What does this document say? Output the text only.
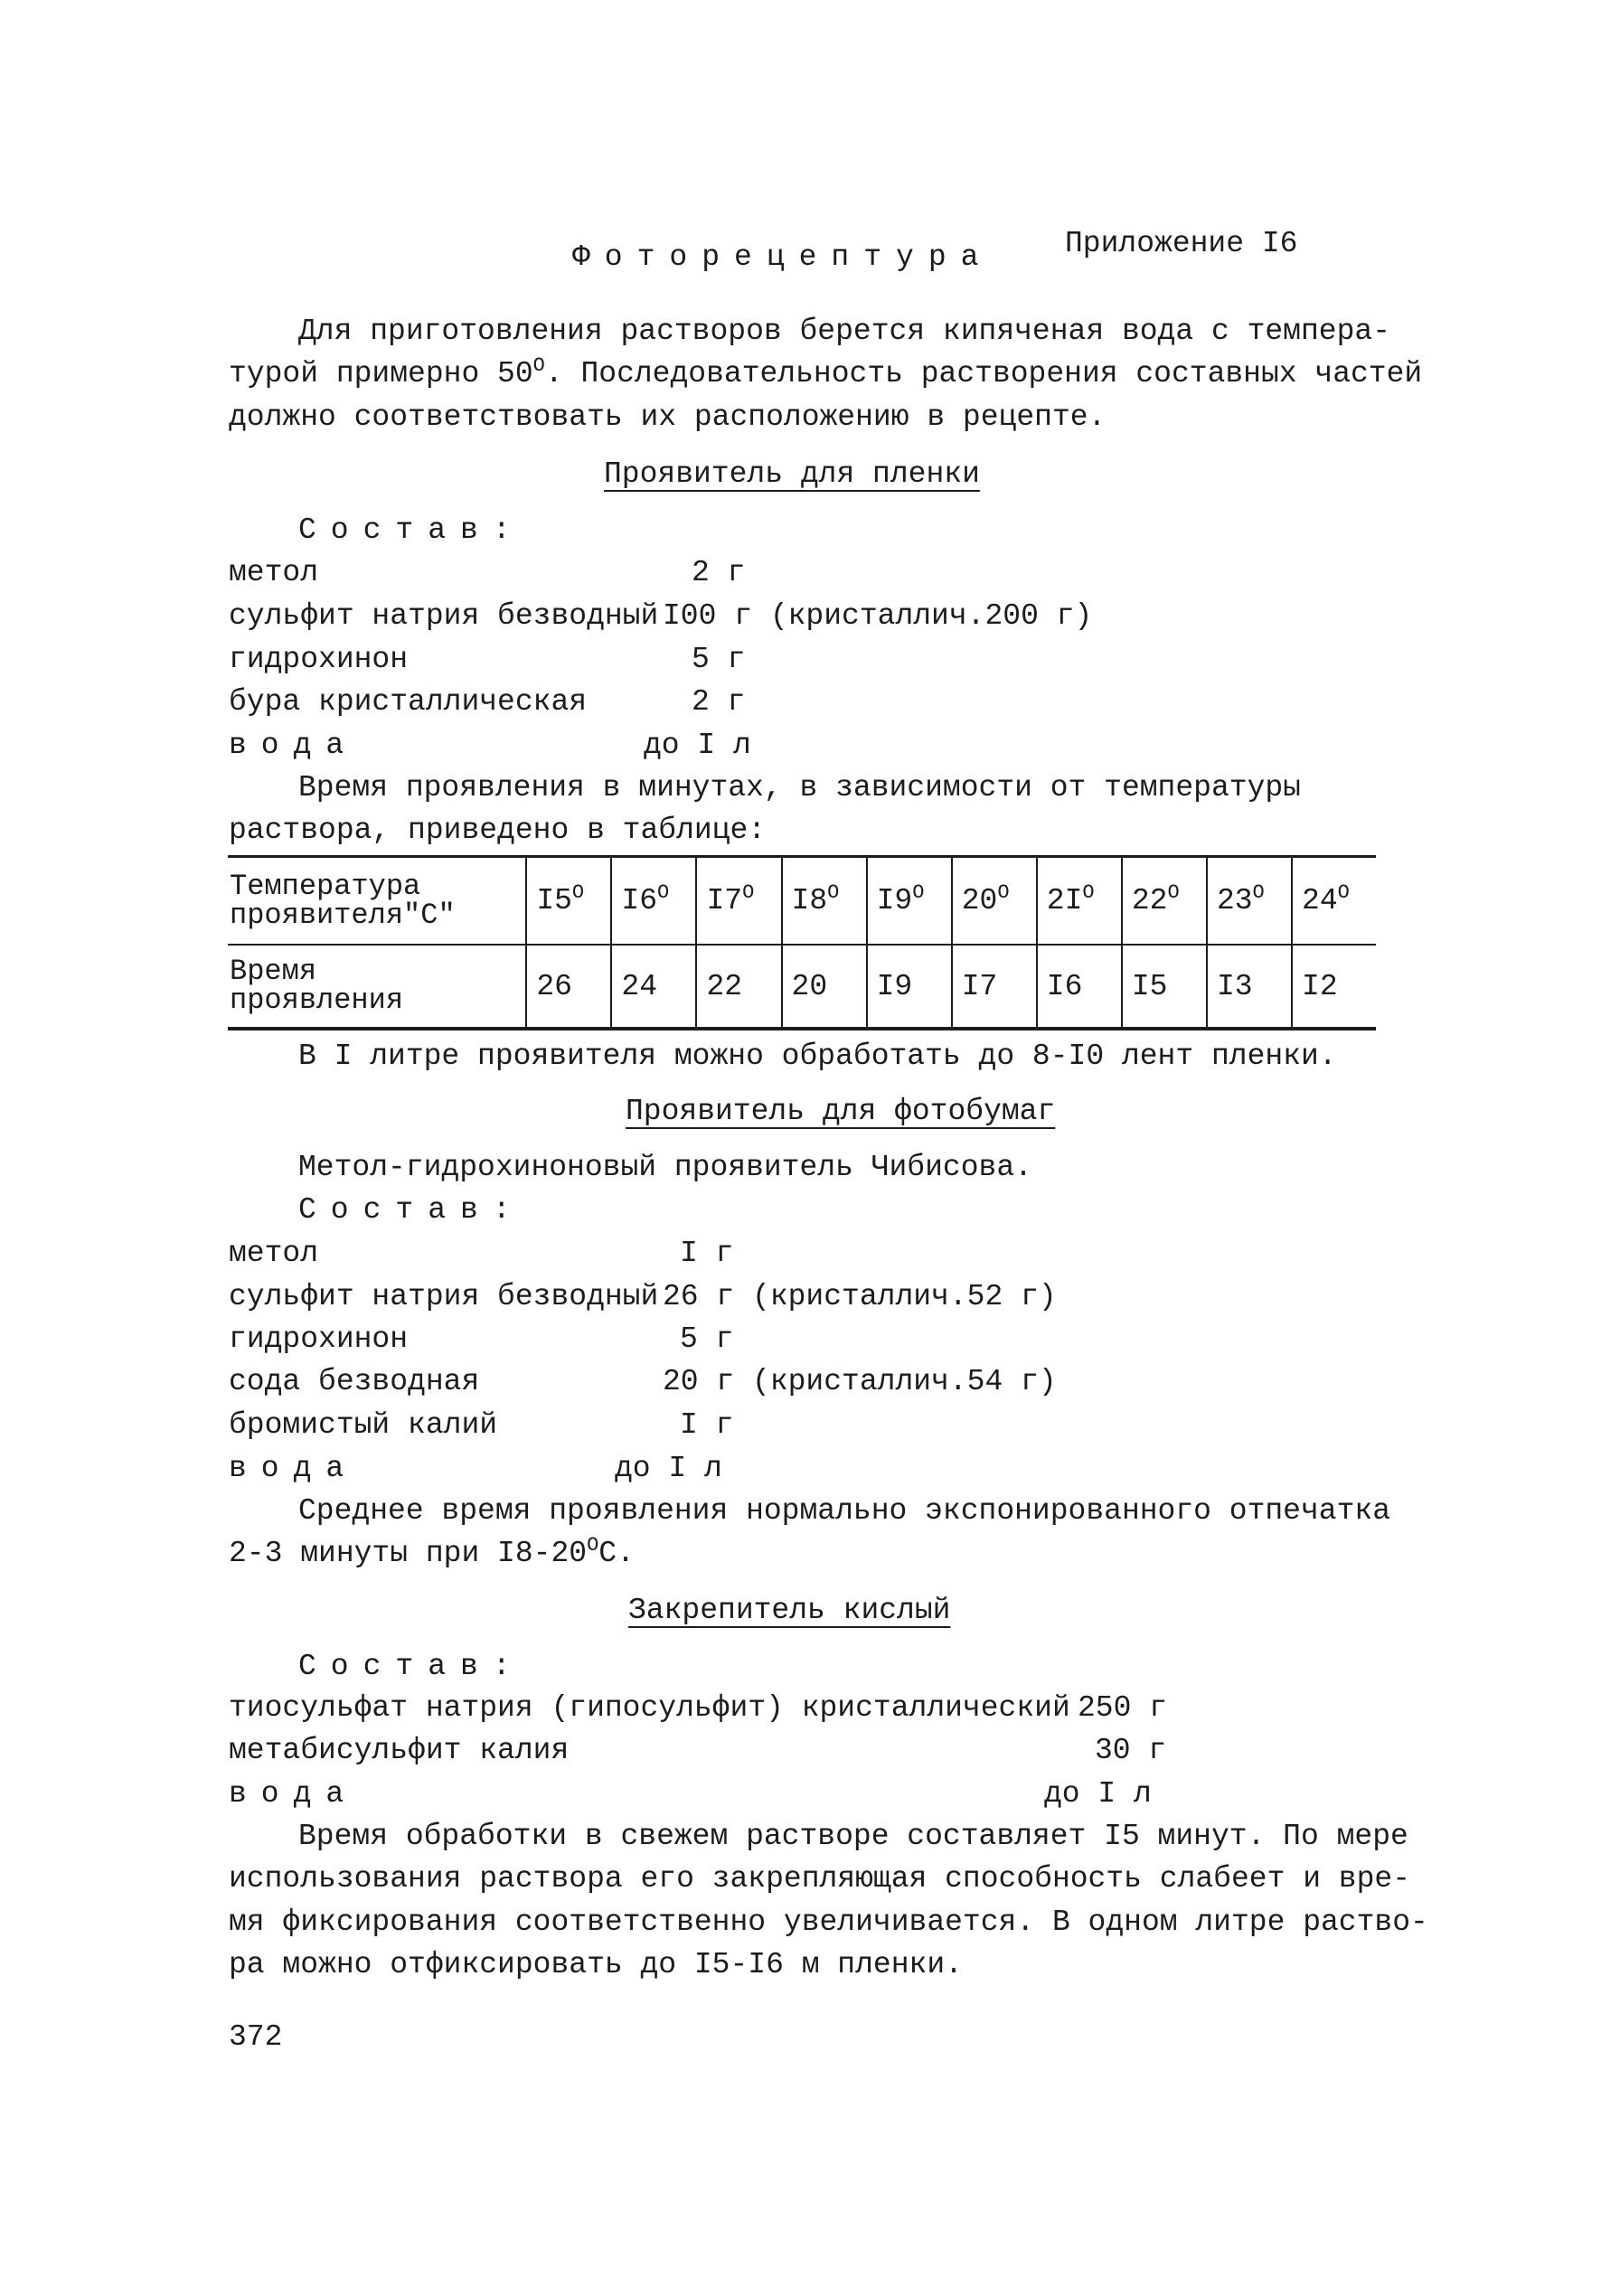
Фоторецептура Приложение I6
Для приготовления растворов берется кипяченая вода с темпера-
турой примерно $50^О$. Последовательность растворения составных частей
должно соответствовать их расположению в рецепте.
Проявитель для пленки
Состав:
метол	2 г
сульфит натрия безводный I00 г (кристаллич.200 г)
гидрохинон	5 г
бура кристаллическая	2 г
вода	до I л
Время проявления в минутах, в зависимости от температуры
раствора, приведено в таблице:
Температура
проявителя"С"	$I5^О$	$I6^О$	$I7^О$	$I8^О$	$I9^О$	$20^О$	$2I^О$	$22^О$	$23^О$	$24^О$

Время
проявления	26	24	22	20	I9	I7	I6	I5	I3	I2
В I литре проявителя можно обработать до 8-I0 лент пленки.
Проявитель для фотобумаг
Метол-гидрохиноновый проявитель Чибисова.
Состав:
метол	I г
сульфит натрия безводный 26 г (кристаллич.52 г)
гидрохинон	5 г
сода безводная	20 г (кристаллич.54 г)
бромистый калий	I г
вода	до I л
Среднее время проявления нормально экспонированного отпечатка
2-3 минуты при $I8-20^ОС$.
Закрепитель кислый
Состав:
тиосульфат натрия (гипосульфит) кристаллический 250 г
метабисульфит калия	30 г
вода	до I л
Время обработки в свежем растворе составляет I5 минут. По мере
использования раствора его закрепляющая способность слабеет и вре-
мя фиксирования соответственно увеличивается. В одном литре раство-
ра можно отфиксировать до I5-I6 м пленки.
372
